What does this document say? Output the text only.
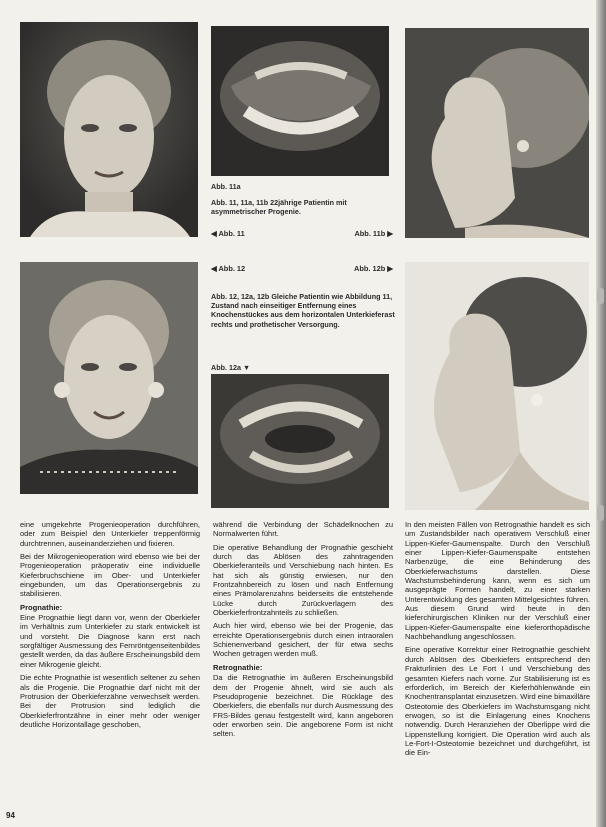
Abb. 11a
Abb. 11, 11a, 11b 22jährige Patientin mit asymmetrischer Progenie.
◀ Abb. 11	Abb. 11b ▶
◀ Abb. 12	Abb. 12b ▶
Abb. 12, 12a, 12b Gleiche Patientin wie Abbildung 11, Zustand nach einseitiger Entfernung eines Knochenstückes aus dem horizontalen Unterkieferast rechts und prothetischer Versorgung.
Abb. 12a ▼

eine umgekehrte Progenieoperation durchführen, oder zum Beispiel den Unterkiefer treppenförmig durchtrennen, auseinanderziehen und fixieren.

Bei der Mikrogenieoperation wird ebenso wie bei der Progenieoperation präoperativ eine individuelle Kieferbruchschiene im Ober- und Unterkiefer eingebunden, um das Operationsergebnis zu stabilisieren.

Prognathie:

Eine Prognathie liegt dann vor, wenn der Oberkiefer im Verhältnis zum Unterkiefer zu stark entwickelt ist und vorsteht. Die Diagnose kann erst nach sorgfältiger Ausmessung des Fernröntgenseitenbildes gestellt werden, da das äußere Erscheinungsbild dem einer Mikrogenie gleicht.

Die echte Prognathie ist wesentlich seltener zu sehen als die Progenie. Die Prognathie darf nicht mit der Protrusion der Oberkieferzähne verwechselt werden. Bei der Protrusion sind lediglich die Oberkieferfrontzähne in einer mehr oder weniger deutliche Horizontallage geschoben,

während die Verbindung der Schädelknochen zu Normalwerten führt.

Die operative Behandlung der Prognathie geschieht durch das Ablösen des zahntragenden Oberkieferanteils und Verschiebung nach hinten. Es hat sich als günstig erwiesen, nur den Frontzahnbereich zu lösen und nach Entfernung eines Prämolarenzahns beiderseits die entstehende Lücke durch Zurückverlagern des Oberkieferfrontzahnteils zu schließen.

Auch hier wird, ebenso wie bei der Progenie, das erreichte Operationsergebnis durch einen intraoralen Schienenverband gesichert, der für etwa sechs Wochen getragen werden muß.

Retrognathie:

Da die Retrognathie im äußeren Erscheinungsbild dem der Progenie ähnelt, wird sie auch als Pseudoprogenie bezeichnet. Die Rücklage des Oberkiefers, die ebenfalls nur durch Ausmessung des FRS-Bildes genau festgestellt wird, kann angeboren oder erworben sein. Die angeborene Form ist nicht selten.

In den meisten Fällen von Retrognathie handelt es sich um Zustandsbilder nach operativem Verschluß einer Lippen-Kiefer-Gaumenspalte. Durch den Verschluß einer Lippen-Kiefer-Gaumenspalte entstehen Narbenzüge, die eine Behinderung des Oberkieferwachstums darstellen. Diese Wachstumsbehinderung kann, wenn es sich um ausgeprägte Formen handelt, zu einer starken Unterentwicklung des gesamten Mittelgesichtes führen. Aus diesem Grund wird heute in den kieferchirurgischen Kliniken nur der Verschluß einer Lippen-Kiefer-Gaumenspalte eine kieferorthopädische Nachbehandlung angeschlossen.

Eine operative Korrektur einer Retrognathie geschieht durch Ablösen des Oberkiefers entsprechend den Frakturlinien des Le Fort I und Verschiebung des gesamten Kiefers nach vorne. Zur Stabilisierung ist es erforderlich, im Bereich der Kieferhöhlenwände ein Knochentransplantat einzusetzen. Wird eine bimaxilläre Osteotomie des Oberkiefers im Wachstumsgang nicht erwogen, so ist die Einlagerung eines Knochens notwendig. Durch Heranziehen der Oberlippe wird die Lippenstellung korrigiert. Die Operation wird auch als Le-Fort-I-Osteotomie bezeichnet und durchgeführt, ist die Ein-

94
